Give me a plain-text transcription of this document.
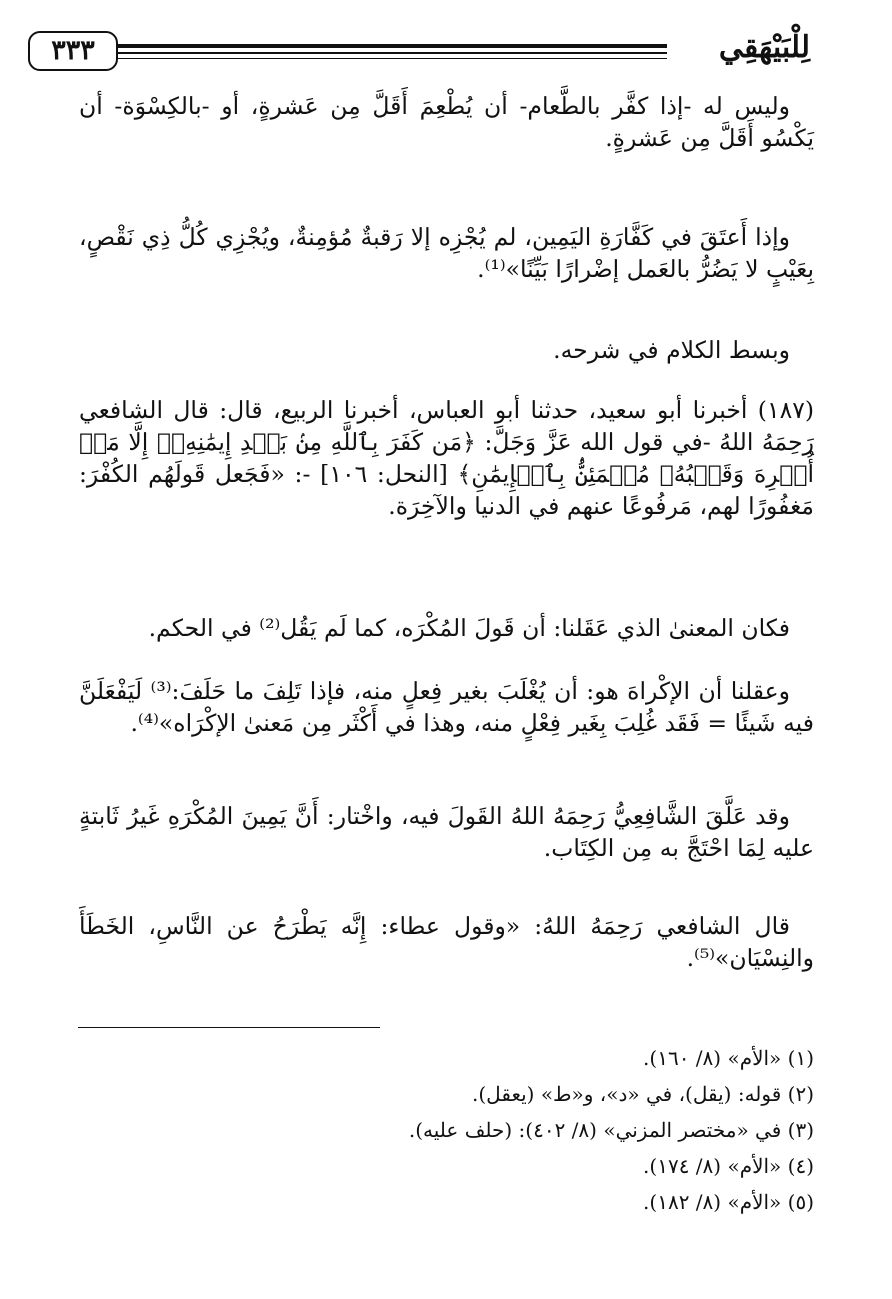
لِلْبَيْهَقِي
٣٣٣

وليس له -إذا كفَّر بالطَّعام- أن يُطْعِمَ أَقَلَّ مِن عَشرةٍ، أو -بالكِسْوَة- أن يَكْسُو أَقَلَّ مِن عَشرةٍ.

وإذا أَعتَقَ في كَفَّارَةِ اليَمِين، لم يُجْزِه إلا رَقبةٌ مُؤمِنةٌ، ويُجْزِي كُلُّ ذِي نَقْصٍ، بِعَيْبٍ لا يَضُرُّ بالعَمل إضْرارًا بَيِّنًا»⁽¹⁾.

وبسط الكلام في شرحه.

(١٨٧) أخبرنا أبو سعيد، حدثنا أبو العباس، أخبرنا الربيع، قال: قال الشافعي رَحِمَهُ اللهُ -في قول الله عَزَّ وَجَلَّ: ﴿مَن كَفَرَ بِٱللَّهِ مِنۢ بَعۡدِ إِيمَٰنِهِۦٓ إِلَّا مَنۡ أُكۡرِهَ وَقَلۡبُهُۥ مُطۡمَئِنُّۢ بِٱلۡإِيمَٰنِ﴾ [النحل: ١٠٦] -: «فَجَعل قَولَهُم الكُفْرَ: مَغفُورًا لهم، مَرفُوعًا عنهم في الدنيا والآخِرَة.

فكان المعنىٰ الذي عَقَلنا: أن قَولَ المُكْرَه، كما لَم يَقُل⁽²⁾ في الحكم.

وعقلنا أن الإكْراهَ هو: أن يُغْلَبَ بغير فِعلٍ منه، فإذا تَلِفَ ما حَلَفَ:⁽³⁾ لَيَفْعَلَنَّ فيه شَيئًا = فَقَد غُلِبَ بِغَير فِعْلٍ منه، وهذا في أَكْثَر مِن مَعنىٰ الإكْرَاه»⁽⁴⁾.

وقد عَلَّقَ الشَّافِعِيُّ رَحِمَهُ اللهُ القَولَ فيه، واخْتار: أَنَّ يَمِينَ المُكْرَهِ غَيرُ ثَابتةٍ عليه لِمَا احْتَجَّ به مِن الكِتَاب.

قال الشافعي رَحِمَهُ اللهُ: «وقول عطاء: إِنَّه يَطْرَحُ عن النَّاسِ، الخَطَأَ والنِسْيَان»⁽⁵⁾.

(١) «الأم» (٨/ ١٦٠).
(٢) قوله: (يقل)، في «د»، و«ط» (يعقل).
(٣) في «مختصر المزني» (٨/ ٤٠٢): (حلف عليه).
(٤) «الأم» (٨/ ١٧٤).
(٥) «الأم» (٨/ ١٨٢).
